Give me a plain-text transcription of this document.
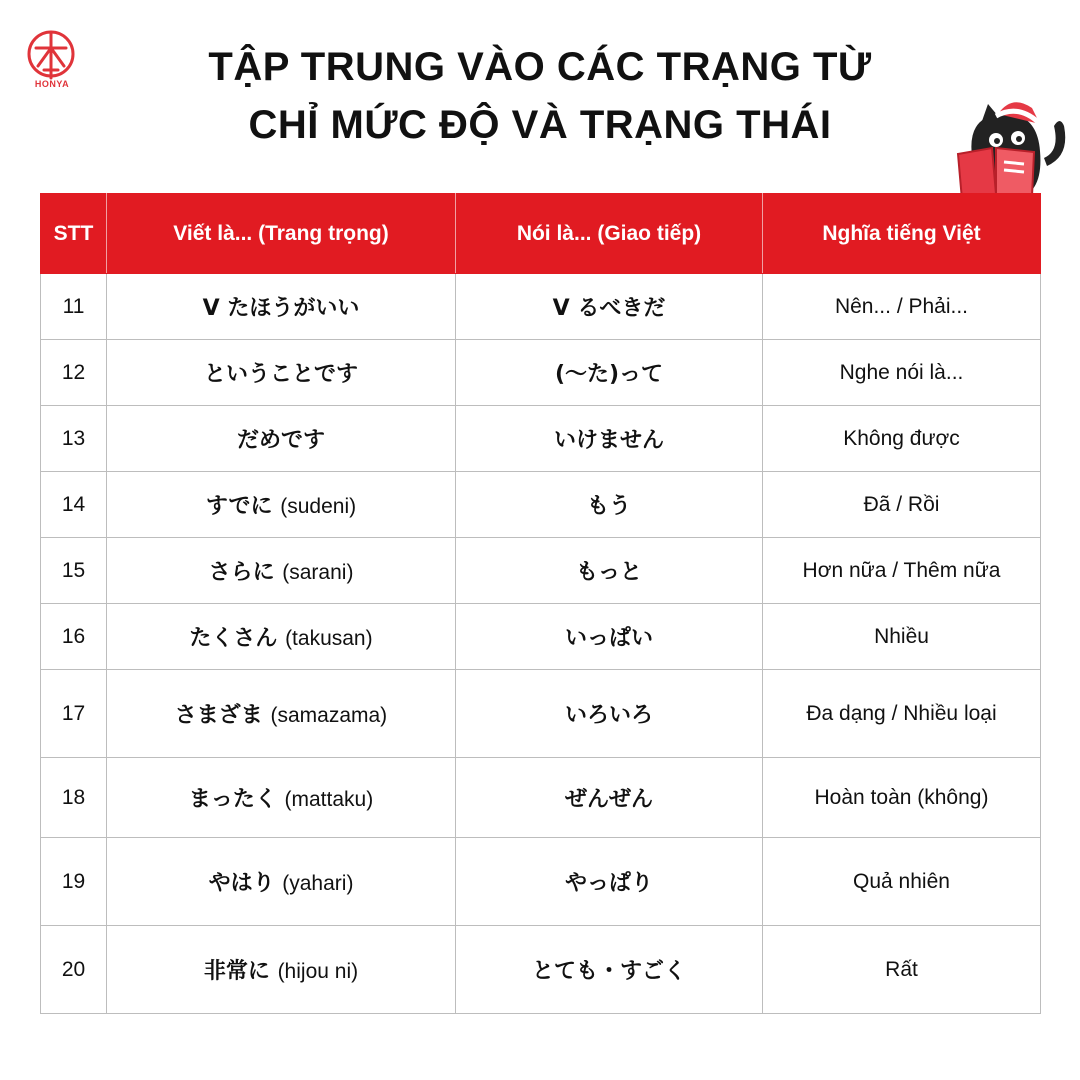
HONYA	TẬP TRUNG VÀO CÁC TRẠNG TỪ
CHỈ MỨC ĐỘ VÀ TRẠNG THÁI
STT	Viết là... (Trang trọng)	Nói là... (Giao tiếp)	Nghĩa tiếng Việt
11	V たほうがいい	V るべきだ	Nên... / Phải...
12	ということです	(〜た)って	Nghe nói là...
13	だめです	いけません	Không được
14	すでに (sudeni)	もう	Đã / Rồi
15	さらに (sarani)	もっと	Hơn nữa / Thêm nữa
16	たくさん (takusan)	いっぱい	Nhiều
17	さまざま (samazama)	いろいろ	Đa dạng / Nhiều loại
18	まったく (mattaku)	ぜんぜん	Hoàn toàn (không)
19	やはり (yahari)	やっぱり	Quả nhiên
20	非常に (hijou ni)	とても・すごく	Rất
